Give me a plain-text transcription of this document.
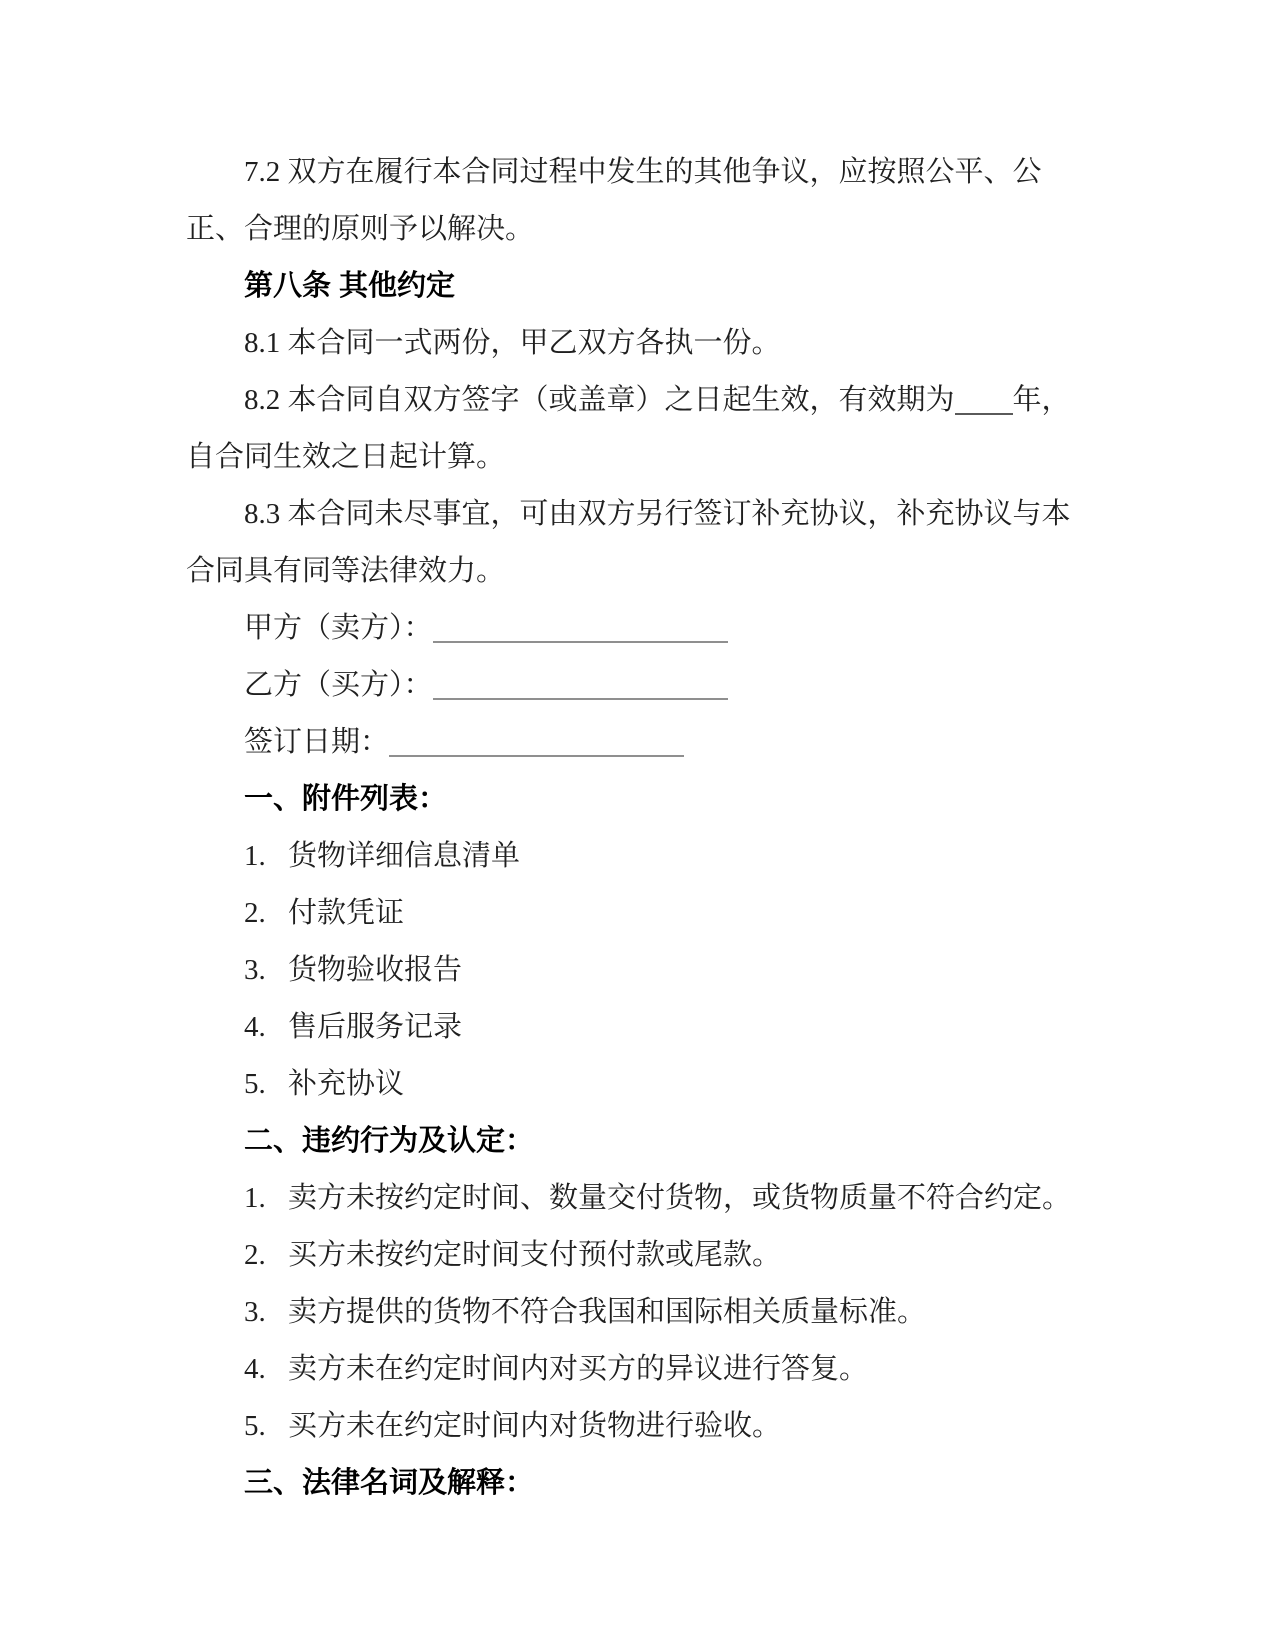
7.2 双方在履行本合同过程中发生的其他争议，应按照公平、公正、合理的原则予以解决。

第八条 其他约定

8.1 本合同一式两份，甲乙双方各执一份。

8.2 本合同自双方签字（或盖章）之日起生效，有效期为 年，自合同生效之日起计算。

8.3 本合同未尽事宜，可由双方另行签订补充协议，补充协议与本合同具有同等法律效力。

甲方（卖方）：

乙方（买方）：

签订日期：

一、附件列表：

1. 货物详细信息清单

2. 付款凭证

3. 货物验收报告

4. 售后服务记录

5. 补充协议

二、违约行为及认定：

1. 卖方未按约定时间、数量交付货物，或货物质量不符合约定。

2. 买方未按约定时间支付预付款或尾款。

3. 卖方提供的货物不符合我国和国际相关质量标准。

4. 卖方未在约定时间内对买方的异议进行答复。

5. 买方未在约定时间内对货物进行验收。

三、法律名词及解释：
